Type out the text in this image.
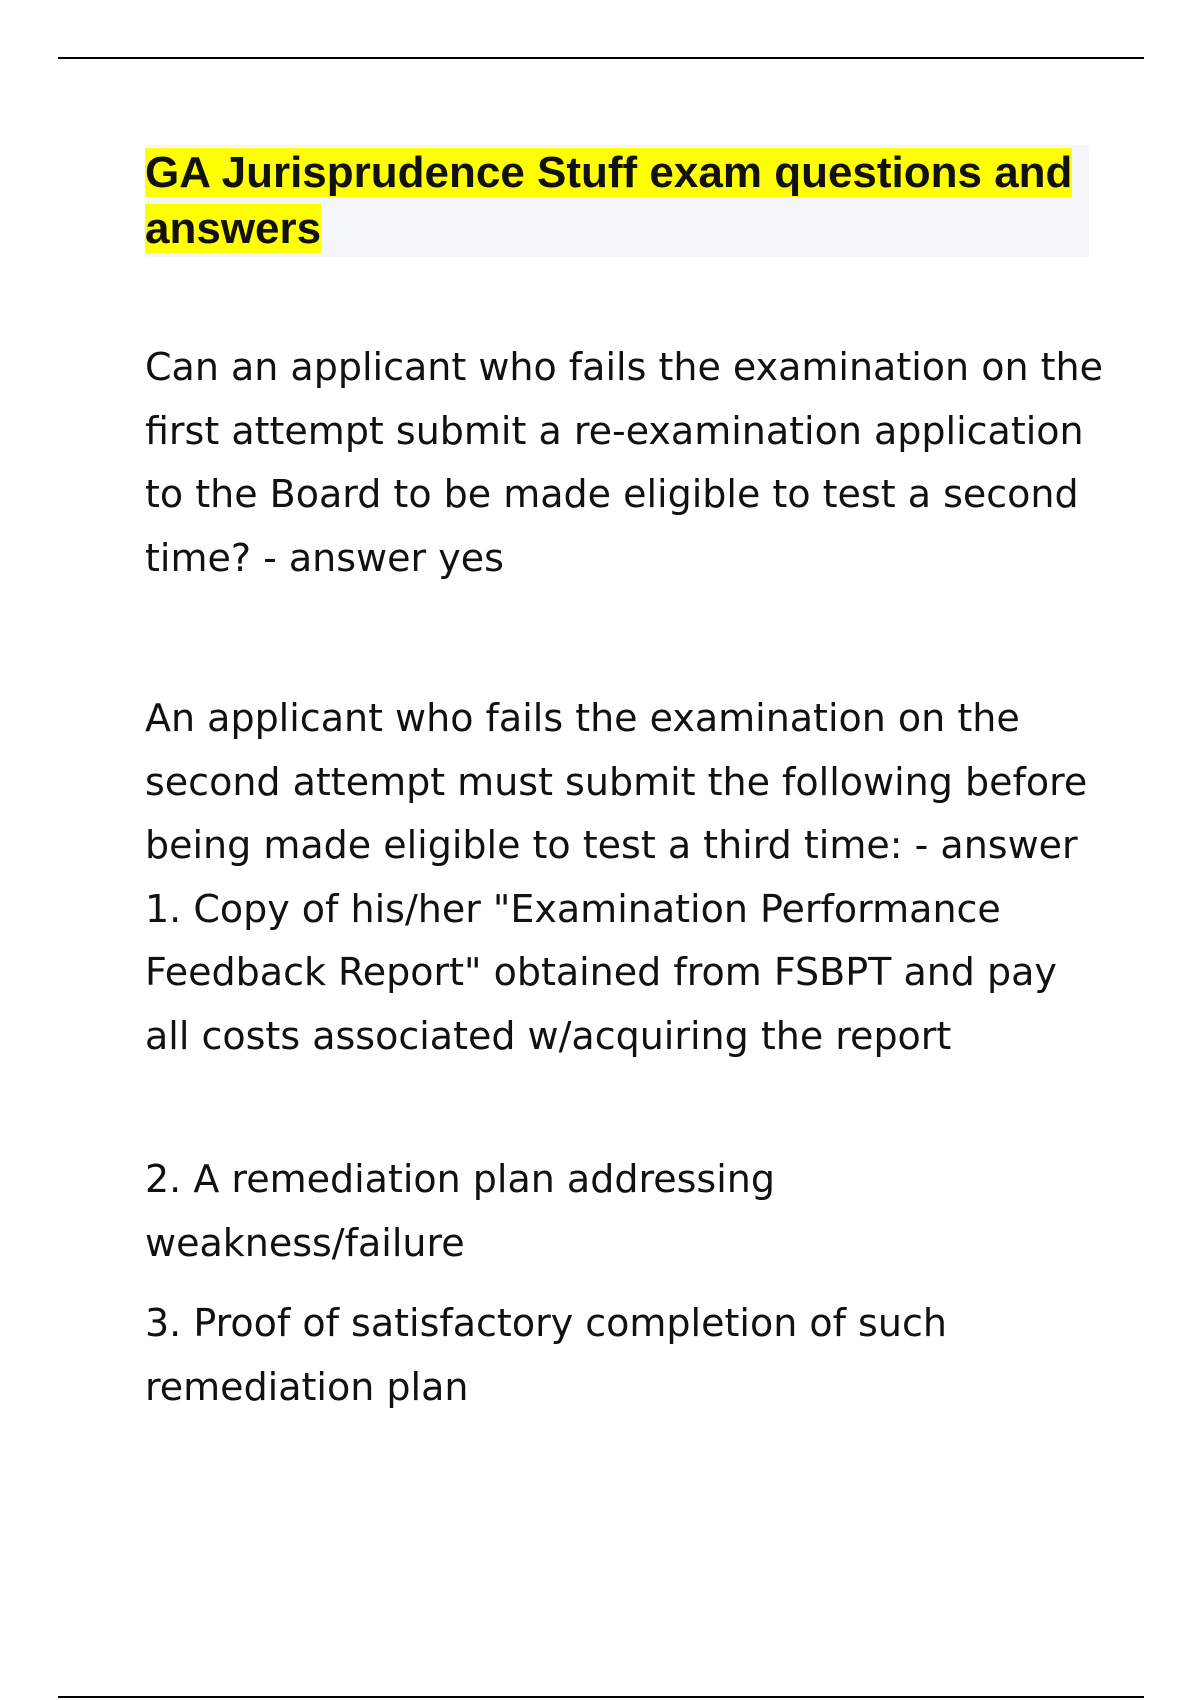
GA Jurisprudence Stuff exam questions and answers

Can an applicant who fails the examination on the first attempt submit a re-examination application to the Board to be made eligible to test a second time? - answer yes

An applicant who fails the examination on the second attempt must submit the following before being made eligible to test a third time: - answer 1. Copy of his/her "Examination Performance Feedback Report" obtained from FSBPT and pay all costs associated w/acquiring the report

2. A remediation plan addressing weakness/failure

3. Proof of satisfactory completion of such remediation plan
